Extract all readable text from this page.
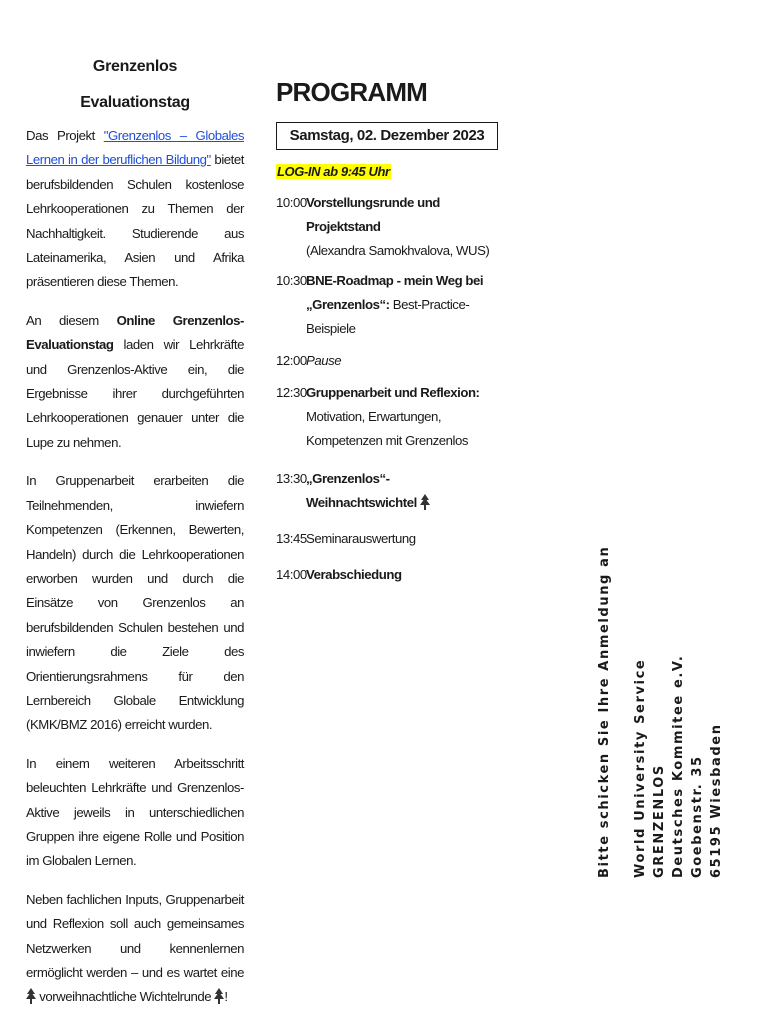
Grenzenlos

Evaluationstag

Das Projekt "Grenzenlos – Globales Lernen in der beruflichen Bildung" bietet berufsbildenden Schulen kostenlose Lehrkooperationen zu Themen der Nachhaltigkeit. Studierende aus Lateinamerika, Asien und Afrika präsentieren diese Themen.

An diesem Online Grenzenlos-Evaluationstag laden wir Lehrkräfte und Grenzenlos-Aktive ein, die Ergebnisse ihrer durchgeführten Lehrkooperationen genauer unter die Lupe zu nehmen.

In Gruppenarbeit erarbeiten die Teilnehmenden, inwiefern Kompetenzen (Erkennen, Bewerten, Handeln) durch die Lehrkooperationen erworben wurden und durch die Einsätze von Grenzenlos an berufsbildenden Schulen bestehen und inwiefern die Ziele des Orientierungsrahmens für den Lernbereich Globale Entwicklung (KMK/BMZ 2016) erreicht wurden.

In einem weiteren Arbeitsschritt beleuchten Lehrkräfte und Grenzenlos-Aktive jeweils in unterschiedlichen Gruppen ihre eigene Rolle und Position im Globalen Lernen.

Neben fachlichen Inputs, Gruppenarbeit und Reflexion soll auch gemeinsames Netzwerken und kennenlernen ermöglicht werden – und es wartet eine  vorweihnachtliche Wichtelrunde !

PROGRAMM
Samstag, 02. Dezember 2023
LOG-IN ab 9:45 Uhr
10:00 Vorstellungsrunde und Projektstand
(Alexandra Samokhvalova, WUS)
10:30 BNE-Roadmap - mein Weg bei „Grenzenlos“: Best-Practice-Beispiele
12:00 Pause
12:30 Gruppenarbeit und Reflexion:
Motivation, Erwartungen, Kompetenzen mit Grenzenlos
13:30 „Grenzenlos“-Weihnachtswichtel
13:45 Seminarauswertung
14:00 Verabschiedung	Bitte schicken Sie Ihre Anmeldung an World University Service GRENZENLOS Deutsches Kommitee e.V. Goebenstr. 35 65195 Wiesbaden
